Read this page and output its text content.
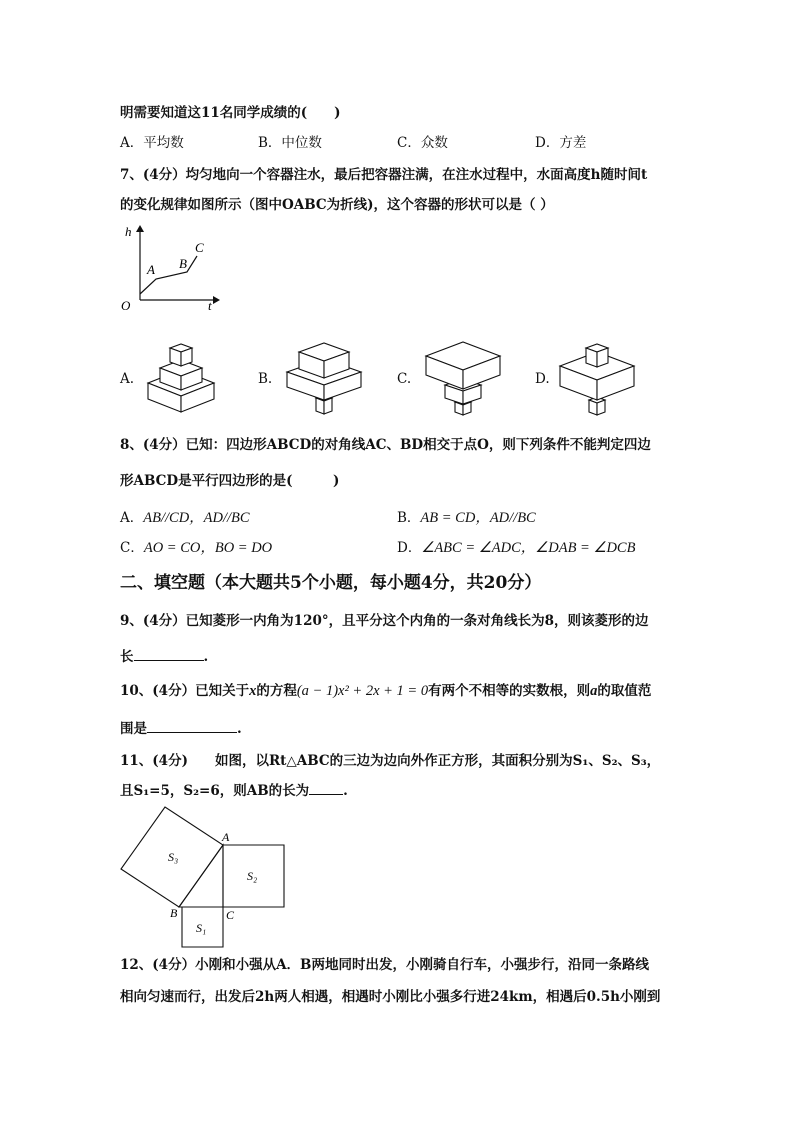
明需要知道这11名同学成绩的(　　)
A．平均数	B．中位数	C．众数	D．方差
7、(4分）均匀地向一个容器注水，最后把容器注满，在注水过程中，水面高度h随时间t
的变化规律如图所示（图中OABC为折线)，这个容器的形状可以是（ ）
h
t
O
A B
C
A.	B.	C.	D.
8、(4分）已知：四边形ABCD的对角线AC、BD相交于点O，则下列条件不能判定四边
形ABCD是平行四边形的是(　　　)
A．AB//CD，AD//BC	B．AB = CD，AD//BC
C．AO = CO，BO = DO	D．∠ABC = ∠ADC，∠DAB = ∠DCB
二、填空题（本大题共5个小题，每小题4分，共20分）
9、(4分）已知菱形一内角为120°，且平分这个内角的一条对角线长为8，则该菱形的边
长	.
10、(4分）已知关于x的方程(a − 1)x² + 2x + 1 = 0有两个不相等的实数根，则a的取值范
围是	.
11、(4分)　　如图，以Rt△ABC的三边为边向外作正方形，其面积分别为S₁、S₂、S₃，
且S₁=5，S₂=6，则AB的长为	.
A
B	C
S₃
S₂
S₁
12、(4分）小刚和小强从A．B两地同时出发，小刚骑自行车，小强步行，沿同一条路线
相向匀速而行，出发后2h两人相遇，相遇时小刚比小强多行进24km，相遇后0.5h小刚到
